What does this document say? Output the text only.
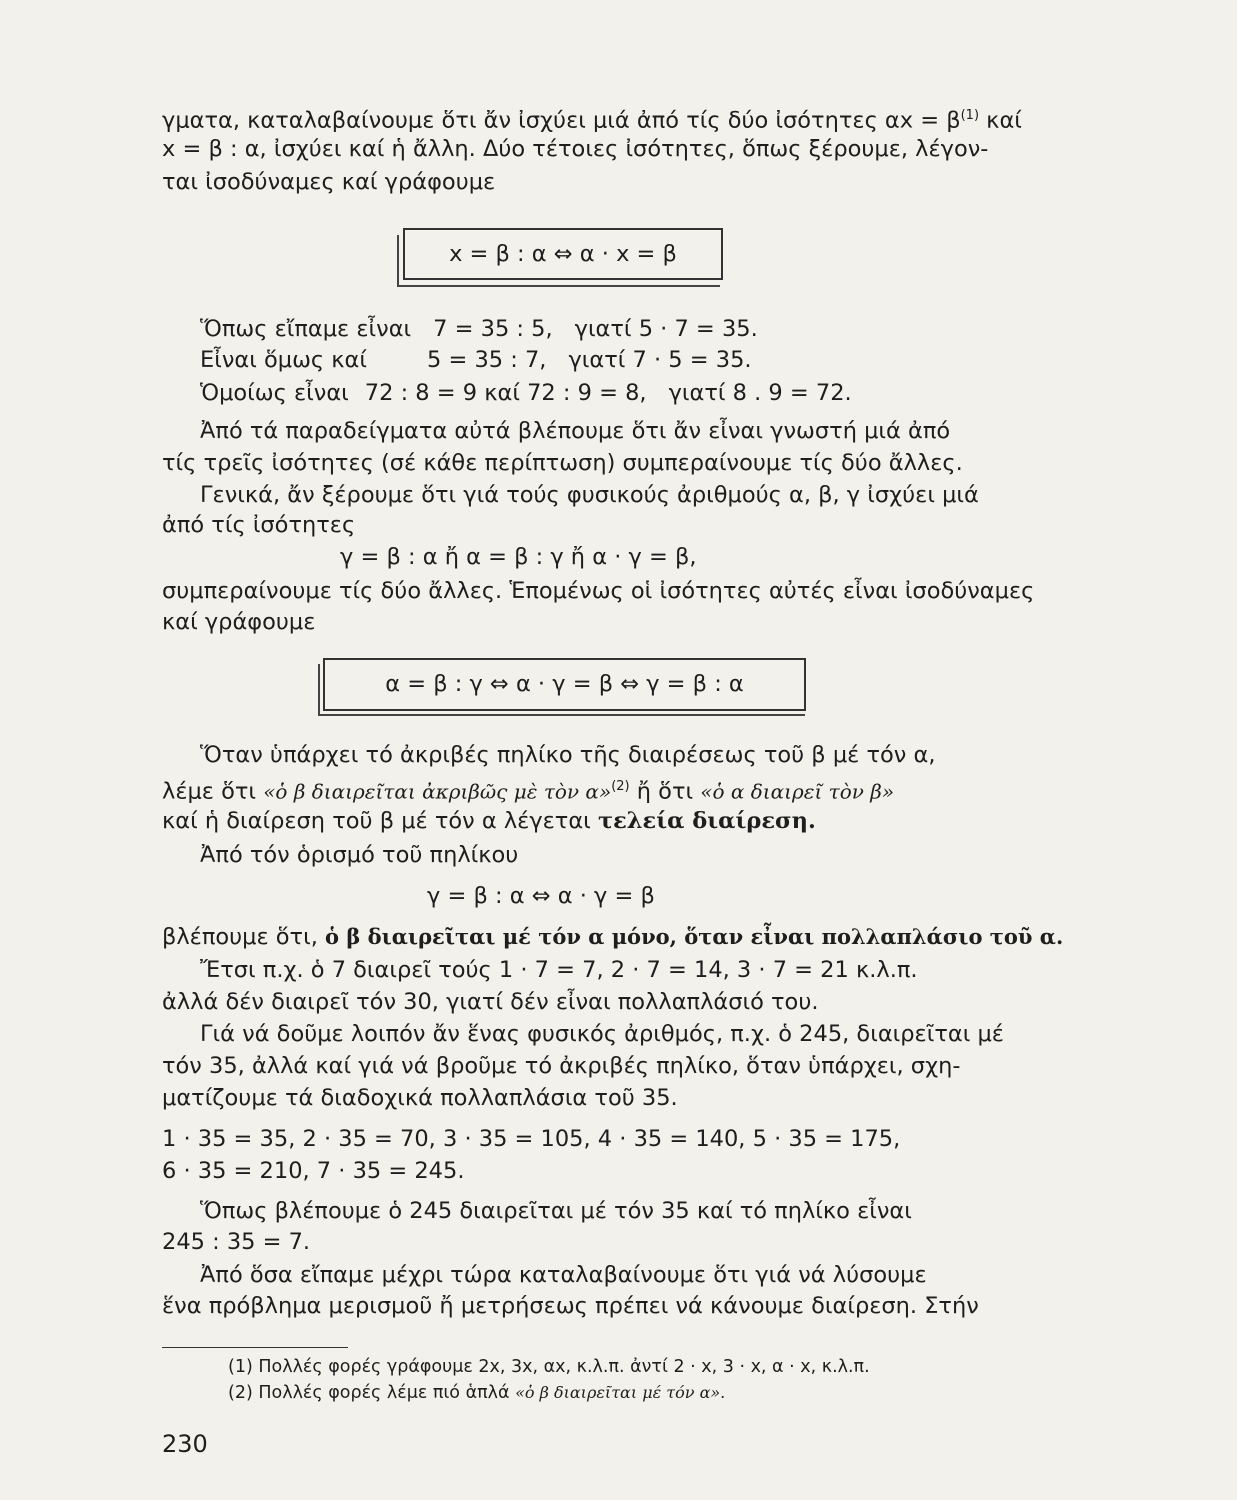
γματα, καταλαβαίνουμε ὅτι ἄν ἰσχύει μιά ἀπό τίς δύο ἰσότητες $\alpha x = \beta^{(1)}$ καί
x = β : α, ἰσχύει καί ἡ ἄλλη. Δύο τέτοιες ἰσότητες, ὅπως ξέρουμε, λέγον-
ται ἰσοδύναμες καί γράφουμε
x = β : α ⇔ α · x = β
Ὅπως εἴπαμε εἶναι 7 = 35 : 5, γιατί 5 · 7 = 35.
Εἶναι ὅμως καί	5 = 35 : 7, γιατί 7 · 5 = 35.
Ὁμοίως εἶναι 72 : 8 = 9 καί 72 : 9 = 8, γιατί 8 . 9 = 72.
Ἀπό τά παραδείγματα αὐτά βλέπουμε ὅτι ἄν εἶναι γνωστή μιά ἀπό
τίς τρεῖς ἰσότητες (σέ κάθε περίπτωση) συμπεραίνουμε τίς δύο ἄλλες.
Γενικά, ἄν ξέρουμε ὅτι γιά τούς φυσικούς ἀριθμούς α, β, γ ἰσχύει μιά
ἀπό τίς ἰσότητες
γ = β : α ἤ α = β : γ ἤ α · γ = β,
συμπεραίνουμε τίς δύο ἄλλες. Ἑπομένως οἱ ἰσότητες αὐτές εἶναι ἰσοδύναμες
καί γράφουμε
α = β : γ ⇔ α · γ = β ⇔ γ = β : α
Ὅταν ὑπάρχει τό ἀκριβές πηλίκο τῆς διαιρέσεως τοῦ β μέ τόν α,
λέμε ὅτι «ὁ β διαιρεῖται ἀκριβῶς μὲ τὸν α»$^{(2)}$ ἤ ὅτι «ὁ α διαιρεῖ τὸν β»
καί ἡ διαίρεση τοῦ β μέ τόν α λέγεται τελεία διαίρεση.
Ἀπό τόν ὁρισμό τοῦ πηλίκου
γ = β : α ⇔ α · γ = β
βλέπουμε ὅτι, ὁ β διαιρεῖται μέ τόν α μόνο, ὅταν εἶναι πολλαπλάσιο τοῦ α.
Ἔτσι π.χ. ὁ 7 διαιρεῖ τούς 1 · 7 = 7, 2 · 7 = 14, 3 · 7 = 21 κ.λ.π.
ἀλλά δέν διαιρεῖ τόν 30, γιατί δέν εἶναι πολλαπλάσιό του.
Γιά νά δοῦμε λοιπόν ἄν ἕνας φυσικός ἀριθμός, π.χ. ὁ 245, διαιρεῖται μέ
τόν 35, ἀλλά καί γιά νά βροῦμε τό ἀκριβές πηλίκο, ὅταν ὑπάρχει, σχη-
ματίζουμε τά διαδοχικά πολλαπλάσια τοῦ 35.
1 · 35 = 35, 2 · 35 = 70, 3 · 35 = 105, 4 · 35 = 140, 5 · 35 = 175,
6 · 35 = 210, 7 · 35 = 245.
Ὅπως βλέπουμε ὁ 245 διαιρεῖται μέ τόν 35 καί τό πηλίκο εἶναι
245 : 35 = 7.
Ἀπό ὅσα εἴπαμε μέχρι τώρα καταλαβαίνουμε ὅτι γιά νά λύσουμε
ἕνα πρόβλημα μερισμοῦ ἤ μετρήσεως πρέπει νά κάνουμε διαίρεση. Στήν
(1) Πολλές φορές γράφουμε 2x, 3x, αx, κ.λ.π. ἀντί 2 · x, 3 · x, α · x, κ.λ.π.
(2) Πολλές φορές λέμε πιό ἁπλά «ὁ β διαιρεῖται μέ τόν α».
230
